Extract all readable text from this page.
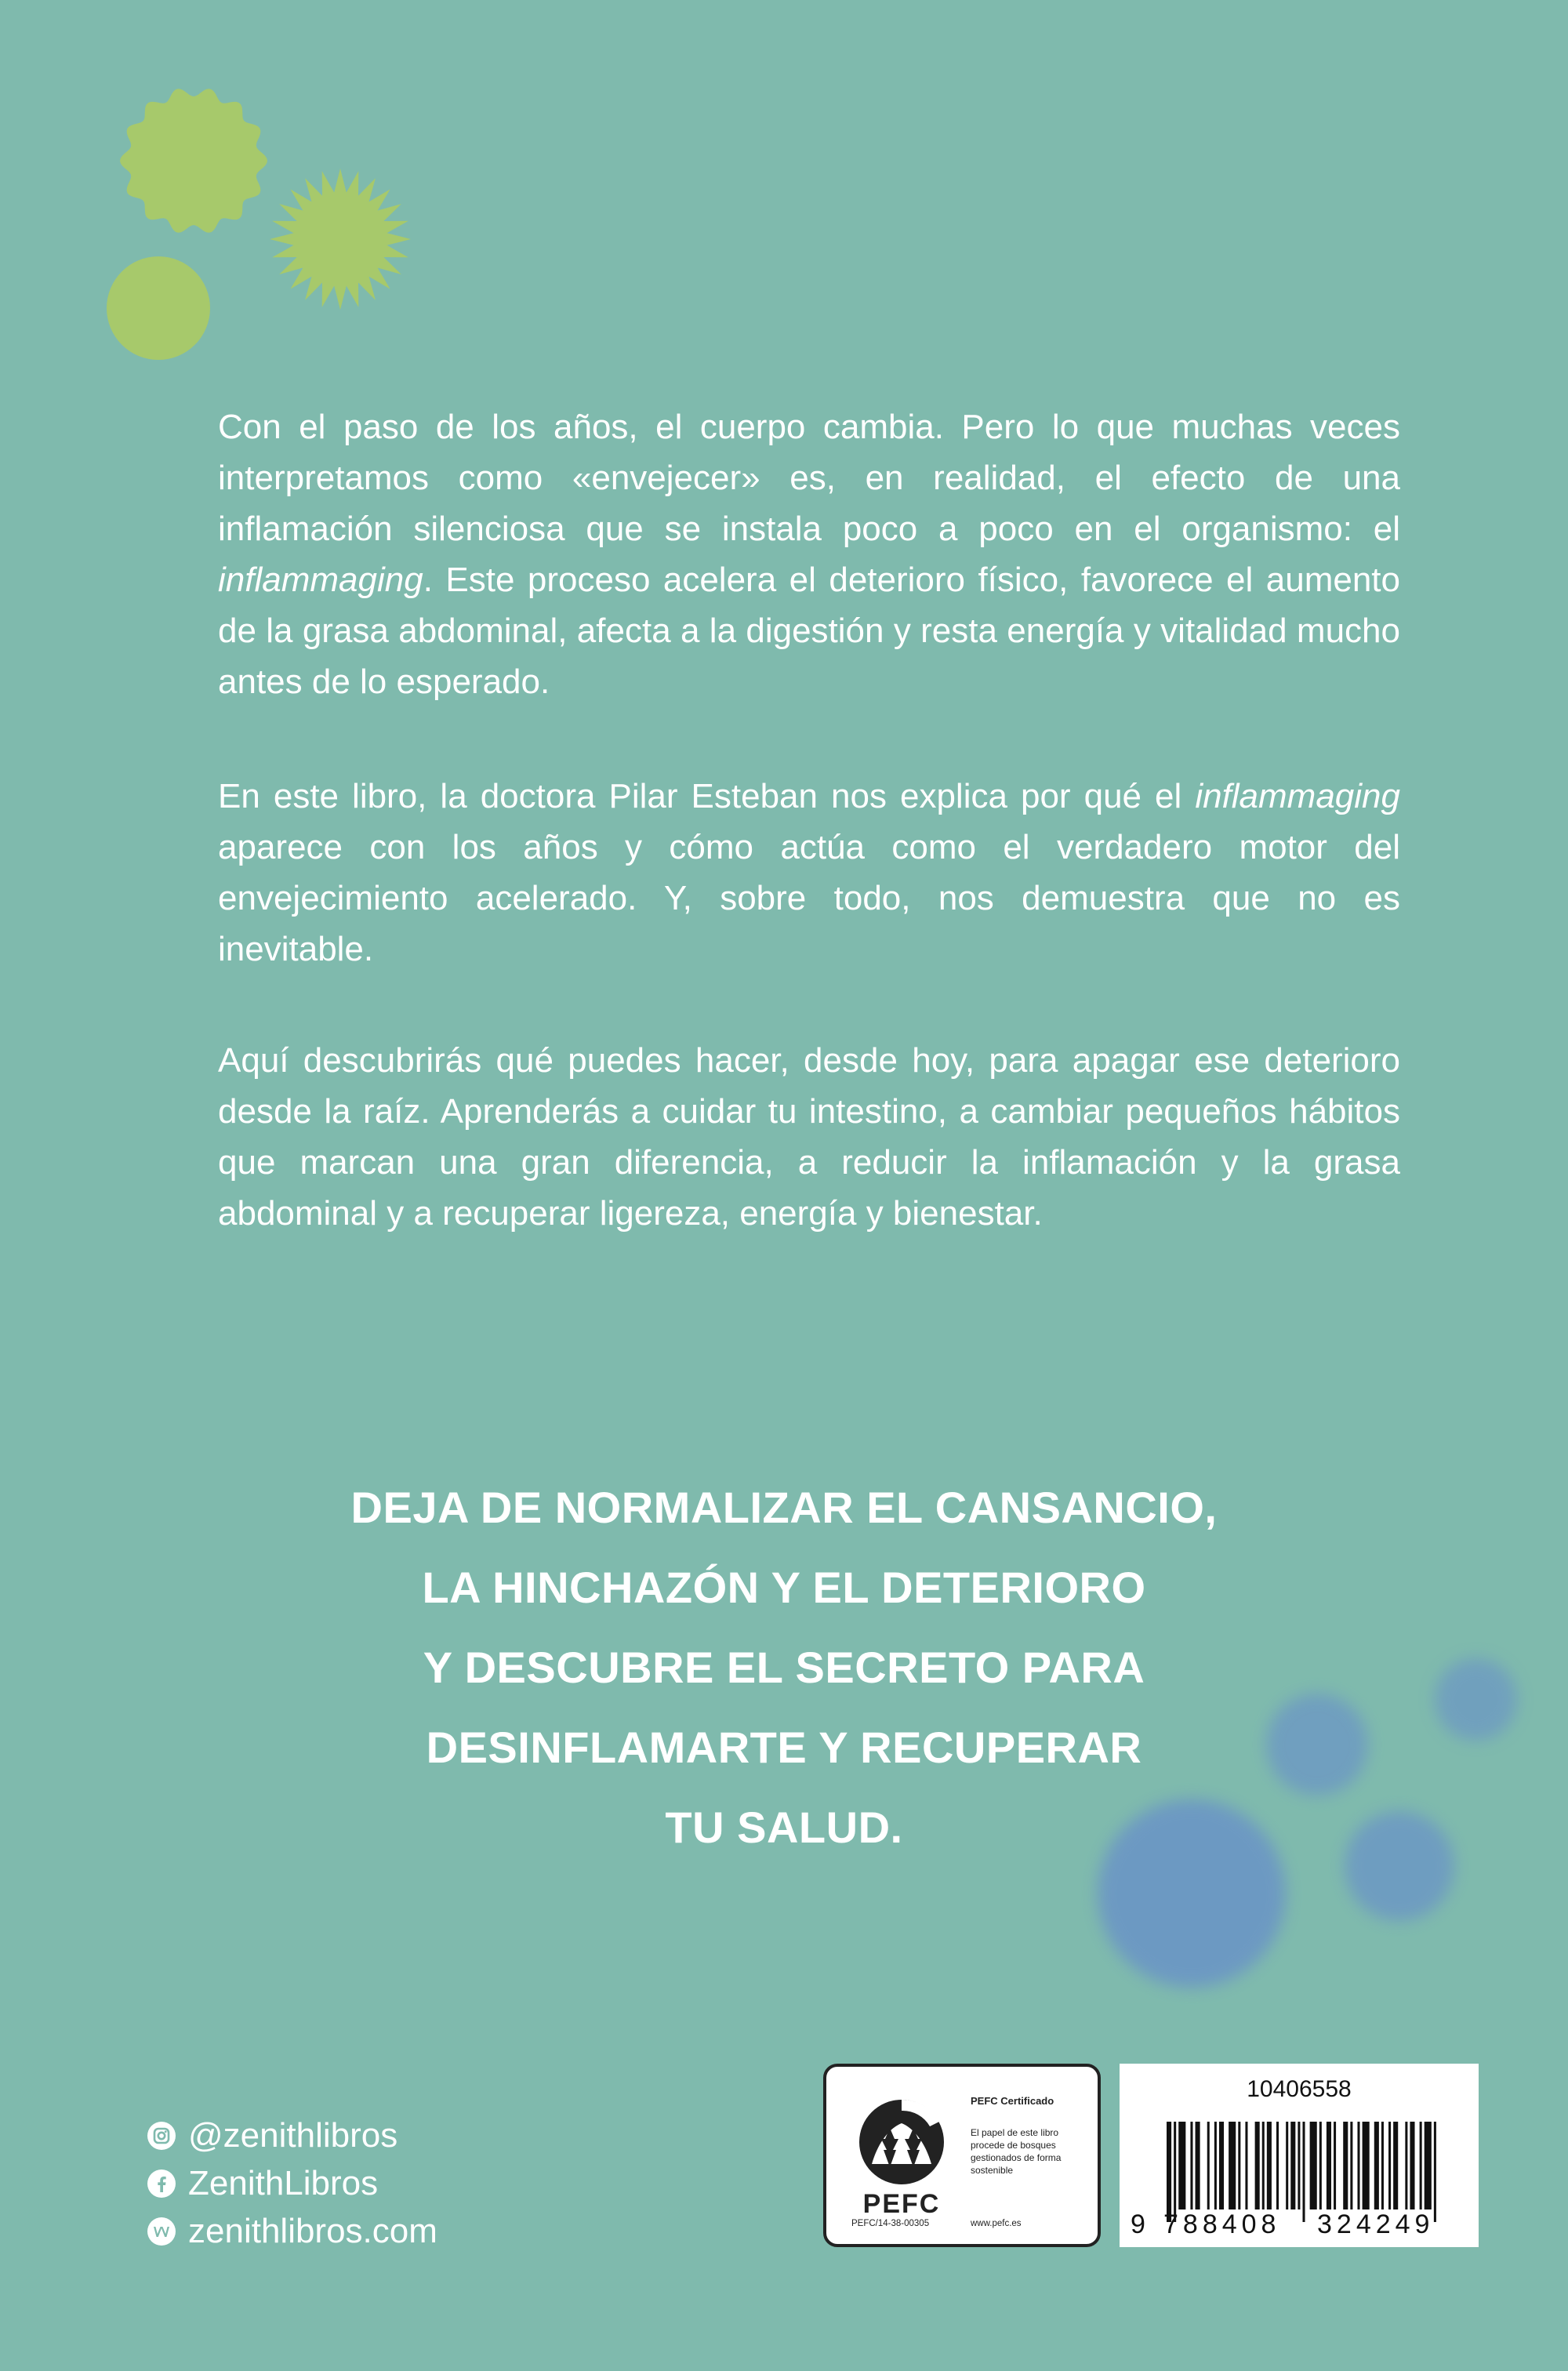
Con el paso de los años, el cuerpo cambia. Pero lo que muchas veces interpretamos como «envejecer» es, en realidad, el efecto de una inflamación silenciosa que se instala poco a poco en el organismo: el inflammaging. Este proceso acelera el deterioro físico, favorece el aumento de la grasa abdominal, afecta a la digestión y resta energía y vitalidad mucho antes de lo esperado.

En este libro, la doctora Pilar Esteban nos explica por qué el inflammaging aparece con los años y cómo actúa como el verdadero motor del envejecimiento acelerado. Y, sobre todo, nos demuestra que no es inevitable.

Aquí descubrirás qué puedes hacer, desde hoy, para apagar ese deterioro desde la raíz. Aprenderás a cuidar tu intestino, a cambiar pequeños hábitos que marcan una gran diferencia, a reducir la inflamación y la grasa abdominal y a recuperar ligereza, energía y bienestar.

DEJA DE NORMALIZAR EL CANSANCIO,
LA HINCHAZÓN Y EL DETERIORO
Y DESCUBRE EL SECRETO PARA
DESINFLAMARTE Y RECUPERAR
TU SALUD.
@zenithlibros
ZenithLibros
zenithlibros.com
PEFC
PEFC Certificado
El papel de este libro procede de bosques gestionados de forma sostenible
PEFC/14-38-00305	www.pefc.es
10406558
9 788408	324249
